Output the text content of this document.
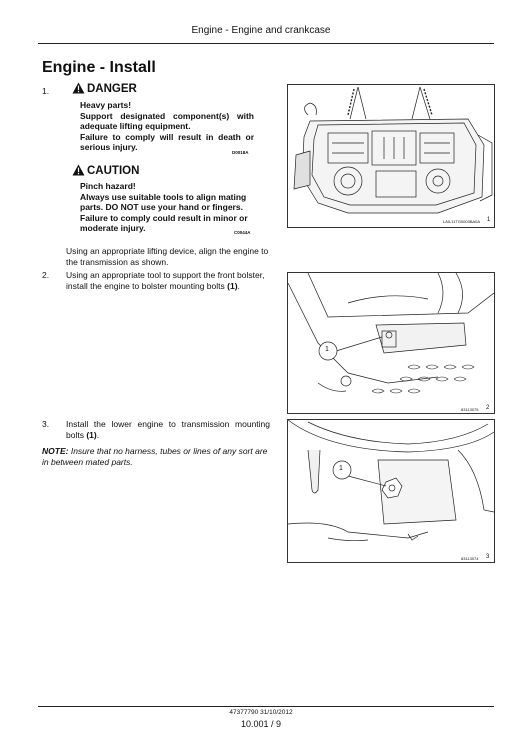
Engine - Engine and crankcase
Engine - Install
1.	DANGER
Heavy parts!
Support designated component(s) with adequate lifting equipment.
Failure to comply will result in death or serious injury.
D0018A
CAUTION
Pinch hazard!
Always use suitable tools to align mating parts. DO NOT use your hand or fingers.
Failure to comply could result in minor or moderate injury.	C0044A
Using an appropriate lifting device, align the engine to the transmission as shown.
2. Using an appropriate tool to support the front bolster, install the engine to bolster mounting bolts (1).
3. Install the lower engine to transmission mounting bolts (1).
NOTE: Insure that no harness, tubes or lines of any sort are in between mated parts.
LAIL11TG0003BA0A 1
1
83113075 2
1
83113074 3
47377790 31/10/2012
10.001 / 9
